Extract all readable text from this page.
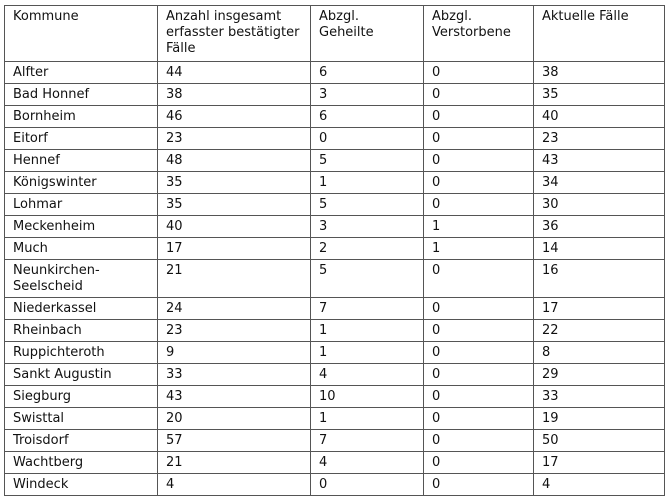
Kommune	Anzahl insgesamt erfasster bestätigter Fälle	Abzgl. Geheilte	Abzgl. Verstorbene	Aktuelle Fälle
Alfter	44	6	0	38
Bad Honnef	38	3	0	35
Bornheim	46	6	0	40
Eitorf	23	0	0	23
Hennef	48	5	0	43
Königswinter	35	1	0	34
Lohmar	35	5	0	30
Meckenheim	40	3	1	36
Much	17	2	1	14
Neunkirchen-Seelscheid	21	5	0	16
Niederkassel	24	7	0	17
Rheinbach	23	1	0	22
Ruppichteroth	9	1	0	8
Sankt Augustin	33	4	0	29
Siegburg	43	10	0	33
Swisttal	20	1	0	19
Troisdorf	57	7	0	50
Wachtberg	21	4	0	17
Windeck	4	0	0	4
